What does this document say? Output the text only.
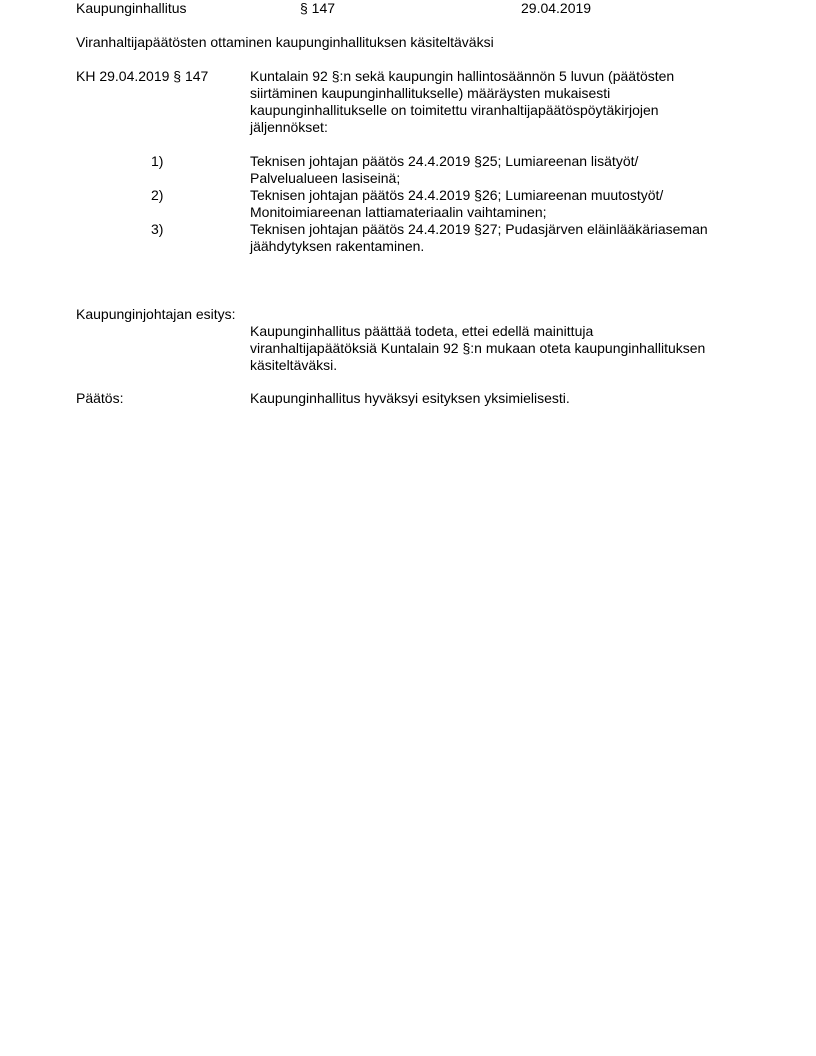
Kaupunginhallitus	§ 147	29.04.2019
Viranhaltijapäätösten ottaminen kaupunginhallituksen käsiteltäväksi
KH 29.04.2019 § 147	Kuntalain 92 §:n sekä kaupungin hallintosäännön 5 luvun (päätösten
siirtäminen kaupunginhallitukselle) määräysten mukaisesti
kaupunginhallitukselle on toimitettu viranhaltijapäätöspöytäkirjojen
jäljennökset:
1)	Teknisen johtajan päätös 24.4.2019 §25; Lumiareenan lisätyöt/
Palvelualueen lasiseinä;
2)	Teknisen johtajan päätös 24.4.2019 §26; Lumiareenan muutostyöt/
Monitoimiareenan lattiamateriaalin vaihtaminen;
3)	Teknisen johtajan päätös 24.4.2019 §27; Pudasjärven eläinlääkäriaseman
jäähdytyksen rakentaminen.
Kaupunginjohtajan esitys:
Kaupunginhallitus päättää todeta, ettei edellä mainittuja
viranhaltijapäätöksiä Kuntalain 92 §:n mukaan oteta kaupunginhallituksen
käsiteltäväksi.
Päätös:	Kaupunginhallitus hyväksyi esityksen yksimielisesti.
